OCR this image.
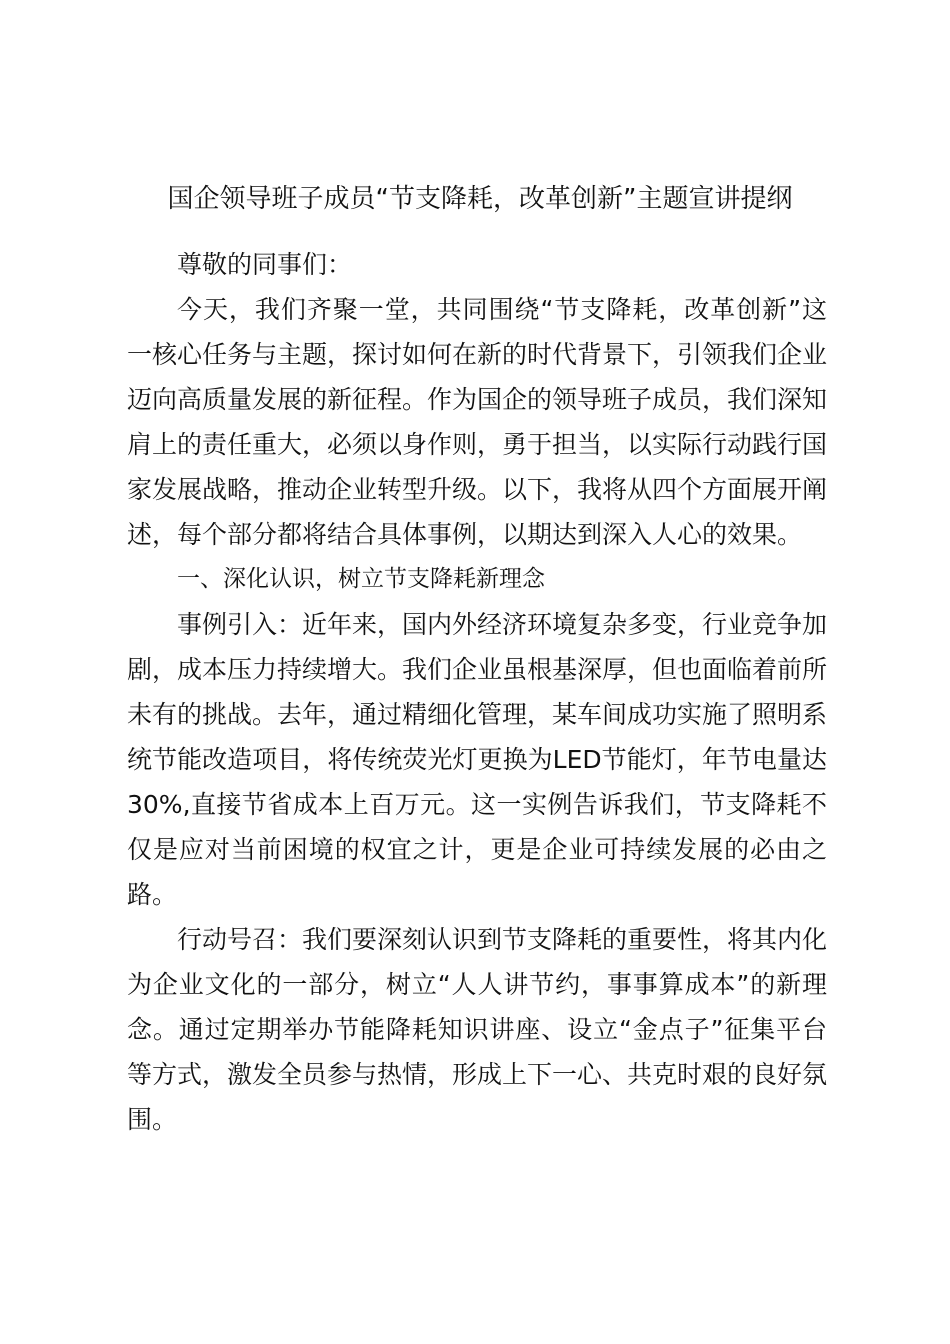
国企领导班子成员“节支降耗，改革创新”主题宣讲提纲

尊敬的同事们：

今天，我们齐聚一堂，共同围绕“节支降耗，改革创新”这一核心任务与主题，探讨如何在新的时代背景下，引领我们企业迈向高质量发展的新征程。作为国企的领导班子成员，我们深知肩上的责任重大，必须以身作则，勇于担当，以实际行动践行国家发展战略，推动企业转型升级。以下，我将从四个方面展开阐述，每个部分都将结合具体事例，以期达到深入人心的效果。

一、深化认识，树立节支降耗新理念

事例引入：近年来，国内外经济环境复杂多变，行业竞争加剧，成本压力持续增大。我们企业虽根基深厚，但也面临着前所未有的挑战。去年，通过精细化管理，某车间成功实施了照明系统节能改造项目，将传统荧光灯更换为LED节能灯，年节电量达30%,直接节省成本上百万元。这一实例告诉我们，节支降耗不仅是应对当前困境的权宜之计，更是企业可持续发展的必由之路。

行动号召：我们要深刻认识到节支降耗的重要性，将其内化为企业文化的一部分，树立“人人讲节约，事事算成本”的新理念。通过定期举办节能降耗知识讲座、设立“金点子”征集平台等方式，激发全员参与热情，形成上下一心、共克时艰的良好氛围。
